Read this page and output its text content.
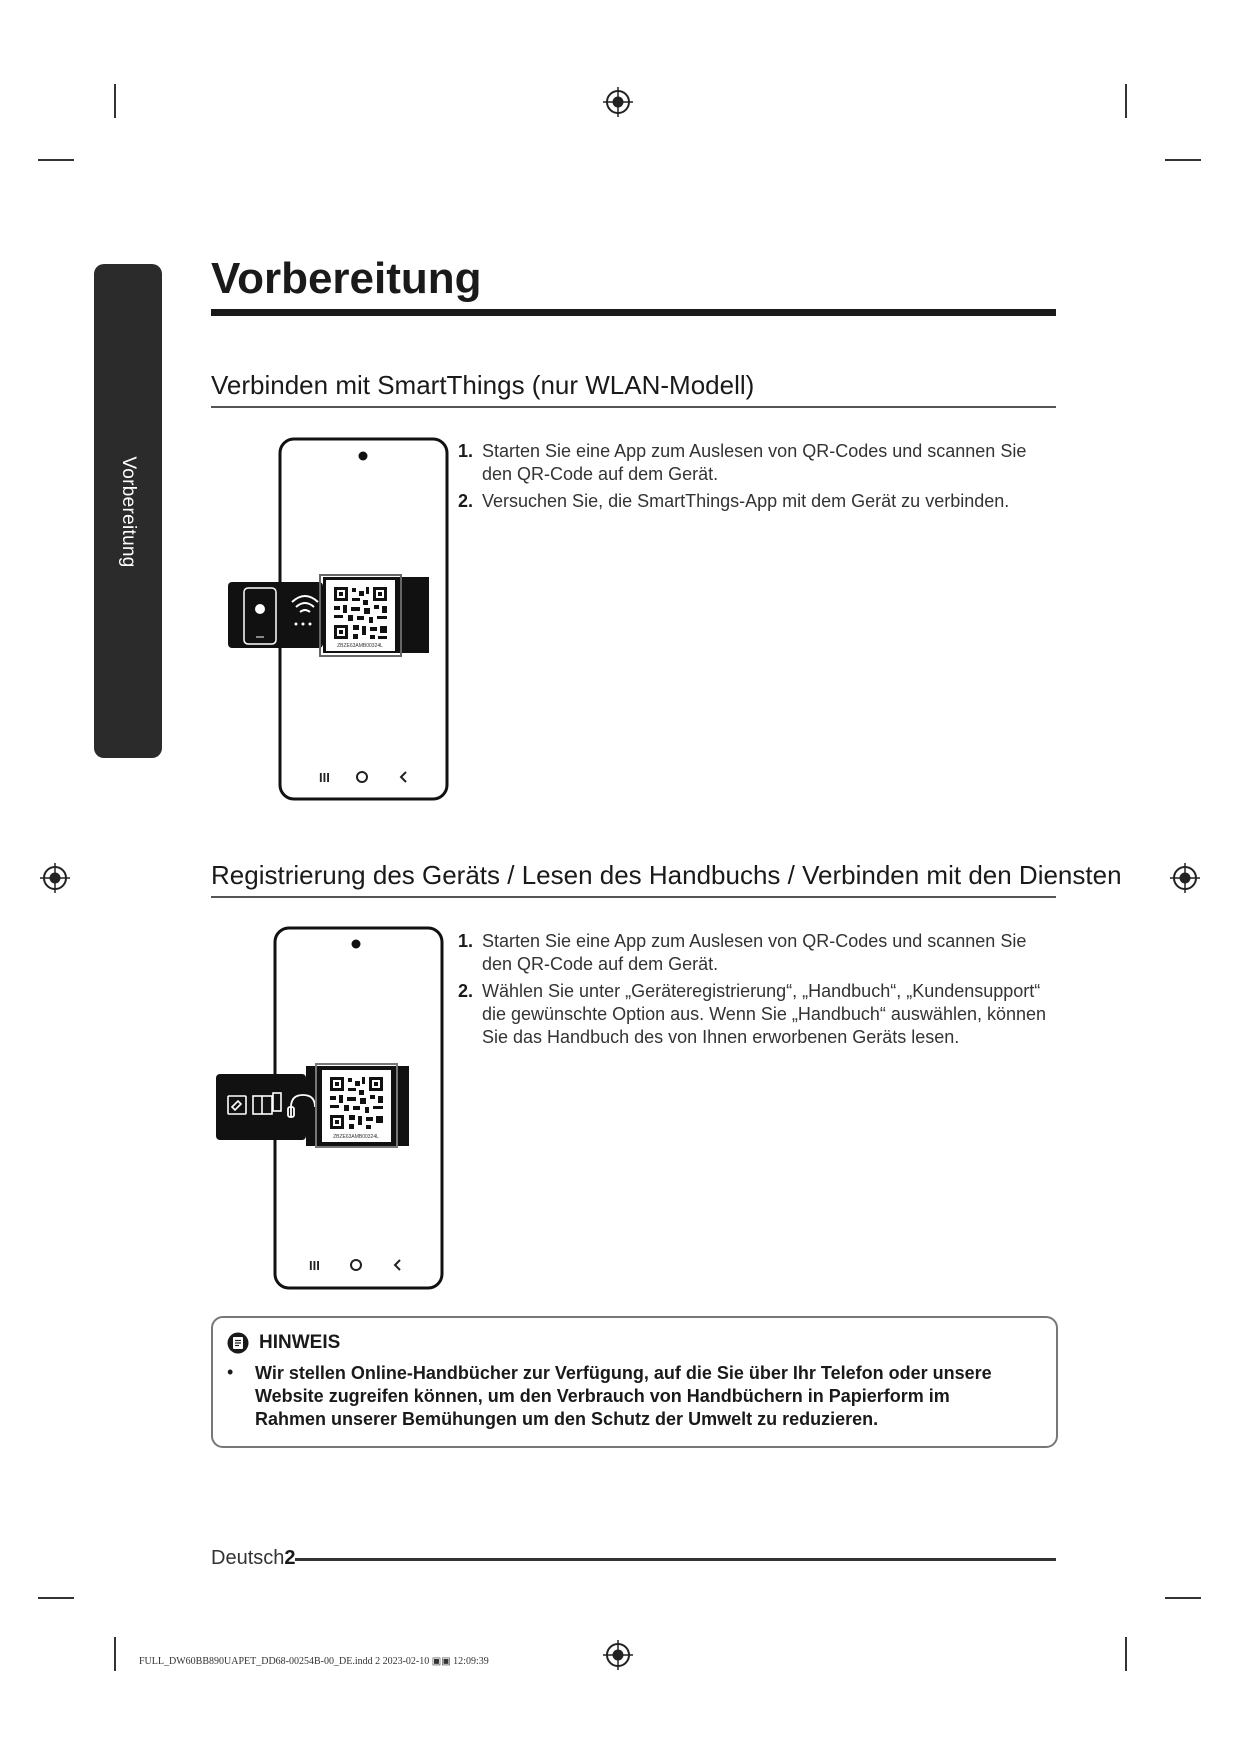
Vorbereitung
Vorbereitung
Verbinden mit SmartThings (nur WLAN-Modell)
III
ZBZE63AMB00324L
1. Starten Sie eine App zum Auslesen von QR-Codes und scannen Sie den QR-Code auf dem Gerät.
2. Versuchen Sie, die SmartThings-App mit dem Gerät zu verbinden.
Registrierung des Geräts / Lesen des Handbuchs / Verbinden mit den Diensten
III
ZBZE63AMB00324L
1. Starten Sie eine App zum Auslesen von QR-Codes und scannen Sie den QR-Code auf dem Gerät.
2. Wählen Sie unter „Geräteregistrierung“, „Handbuch“, „Kundensupport“ die gewünschte Option aus. Wenn Sie „Handbuch“ auswählen, können Sie das Handbuch des von Ihnen erworbenen Geräts lesen.
HINWEIS
• Wir stellen Online-Handbücher zur Verfügung, auf die Sie über Ihr Telefon oder unsere Website zugreifen können, um den Verbrauch von Handbüchern in Papierform im Rahmen unserer Bemühungen um den Schutz der Umwelt zu reduzieren.
Deutsch2
FULL_DW60BB890UAPET_DD68-00254B-00_DE.indd 2 2023-02-10 ▣▣ 12:09:39
